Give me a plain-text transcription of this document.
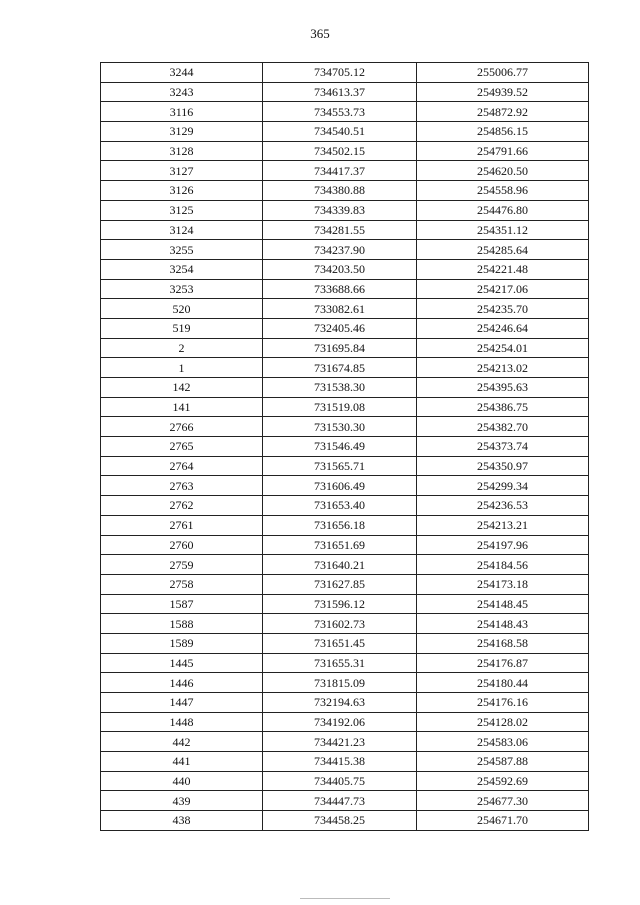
365
3244	734705.12	255006.77
3243	734613.37	254939.52
3116	734553.73	254872.92
3129	734540.51	254856.15
3128	734502.15	254791.66
3127	734417.37	254620.50
3126	734380.88	254558.96
3125	734339.83	254476.80
3124	734281.55	254351.12
3255	734237.90	254285.64
3254	734203.50	254221.48
3253	733688.66	254217.06
520	733082.61	254235.70
519	732405.46	254246.64
2	731695.84	254254.01
1	731674.85	254213.02
142	731538.30	254395.63
141	731519.08	254386.75
2766	731530.30	254382.70
2765	731546.49	254373.74
2764	731565.71	254350.97
2763	731606.49	254299.34
2762	731653.40	254236.53
2761	731656.18	254213.21
2760	731651.69	254197.96
2759	731640.21	254184.56
2758	731627.85	254173.18
1587	731596.12	254148.45
1588	731602.73	254148.43
1589	731651.45	254168.58
1445	731655.31	254176.87
1446	731815.09	254180.44
1447	732194.63	254176.16
1448	734192.06	254128.02
442	734421.23	254583.06
441	734415.38	254587.88
440	734405.75	254592.69
439	734447.73	254677.30
438	734458.25	254671.70
